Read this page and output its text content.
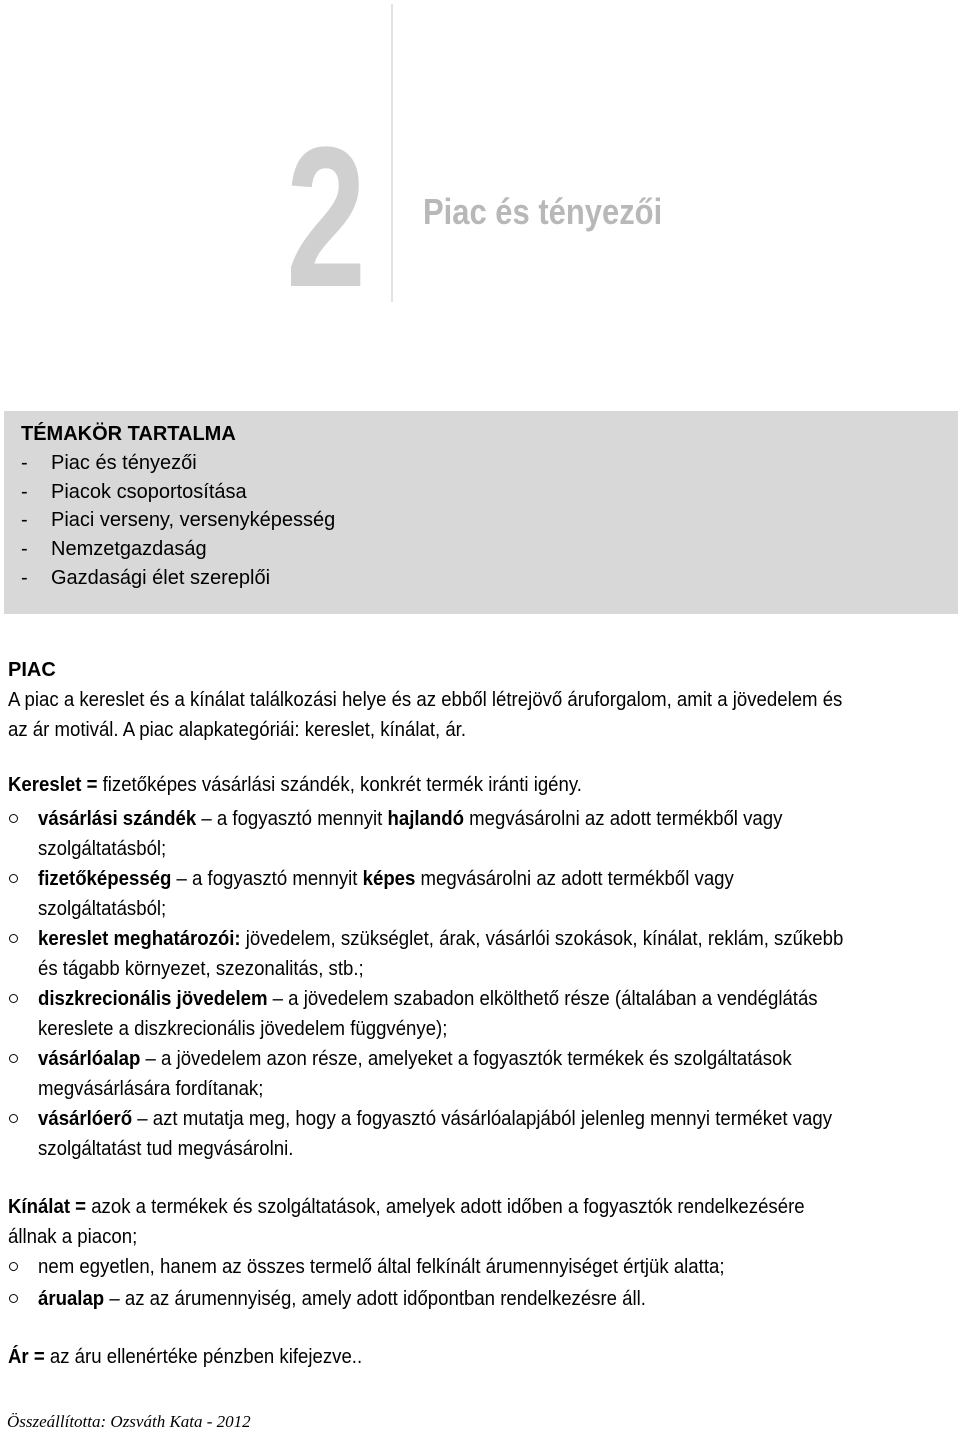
2 Piac és tényezői
TÉMAKÖR TARTALMA
-	Piac és tényezői
-	Piacok csoportosítása
-	Piaci verseny, versenyképesség
-	Nemzetgazdaság
-	Gazdasági élet szereplői
PIAC
A piac a kereslet és a kínálat találkozási helye és az ebből létrejövő áruforgalom, amit a jövedelem és
az ár motivál. A piac alapkategóriái: kereslet, kínálat, ár.
Kereslet = fizetőképes vásárlási szándék, konkrét termék iránti igény.
vásárlási szándék – a fogyasztó mennyit hajlandó megvásárolni az adott termékből vagy
szolgáltatásból;
fizetőképesség – a fogyasztó mennyit képes megvásárolni az adott termékből vagy
szolgáltatásból;
kereslet meghatározói: jövedelem, szükséglet, árak, vásárlói szokások, kínálat, reklám, szűkebb
és tágabb környezet, szezonalitás, stb.;
diszkrecionális jövedelem – a jövedelem szabadon elkölthető része (általában a vendéglátás
kereslete a diszkrecionális jövedelem függvénye);
vásárlóalap – a jövedelem azon része, amelyeket a fogyasztók termékek és szolgáltatások
megvásárlására fordítanak;
vásárlóerő – azt mutatja meg, hogy a fogyasztó vásárlóalapjából jelenleg mennyi terméket vagy
szolgáltatást tud megvásárolni.
Kínálat = azok a termékek és szolgáltatások, amelyek adott időben a fogyasztók rendelkezésére
állnak a piacon;
nem egyetlen, hanem az összes termelő által felkínált árumennyiséget értjük alatta;
árualap – az az árumennyiség, amely adott időpontban rendelkezésre áll.
Ár = az áru ellenértéke pénzben kifejezve..
Összeállította: Ozsváth Kata - 2012
